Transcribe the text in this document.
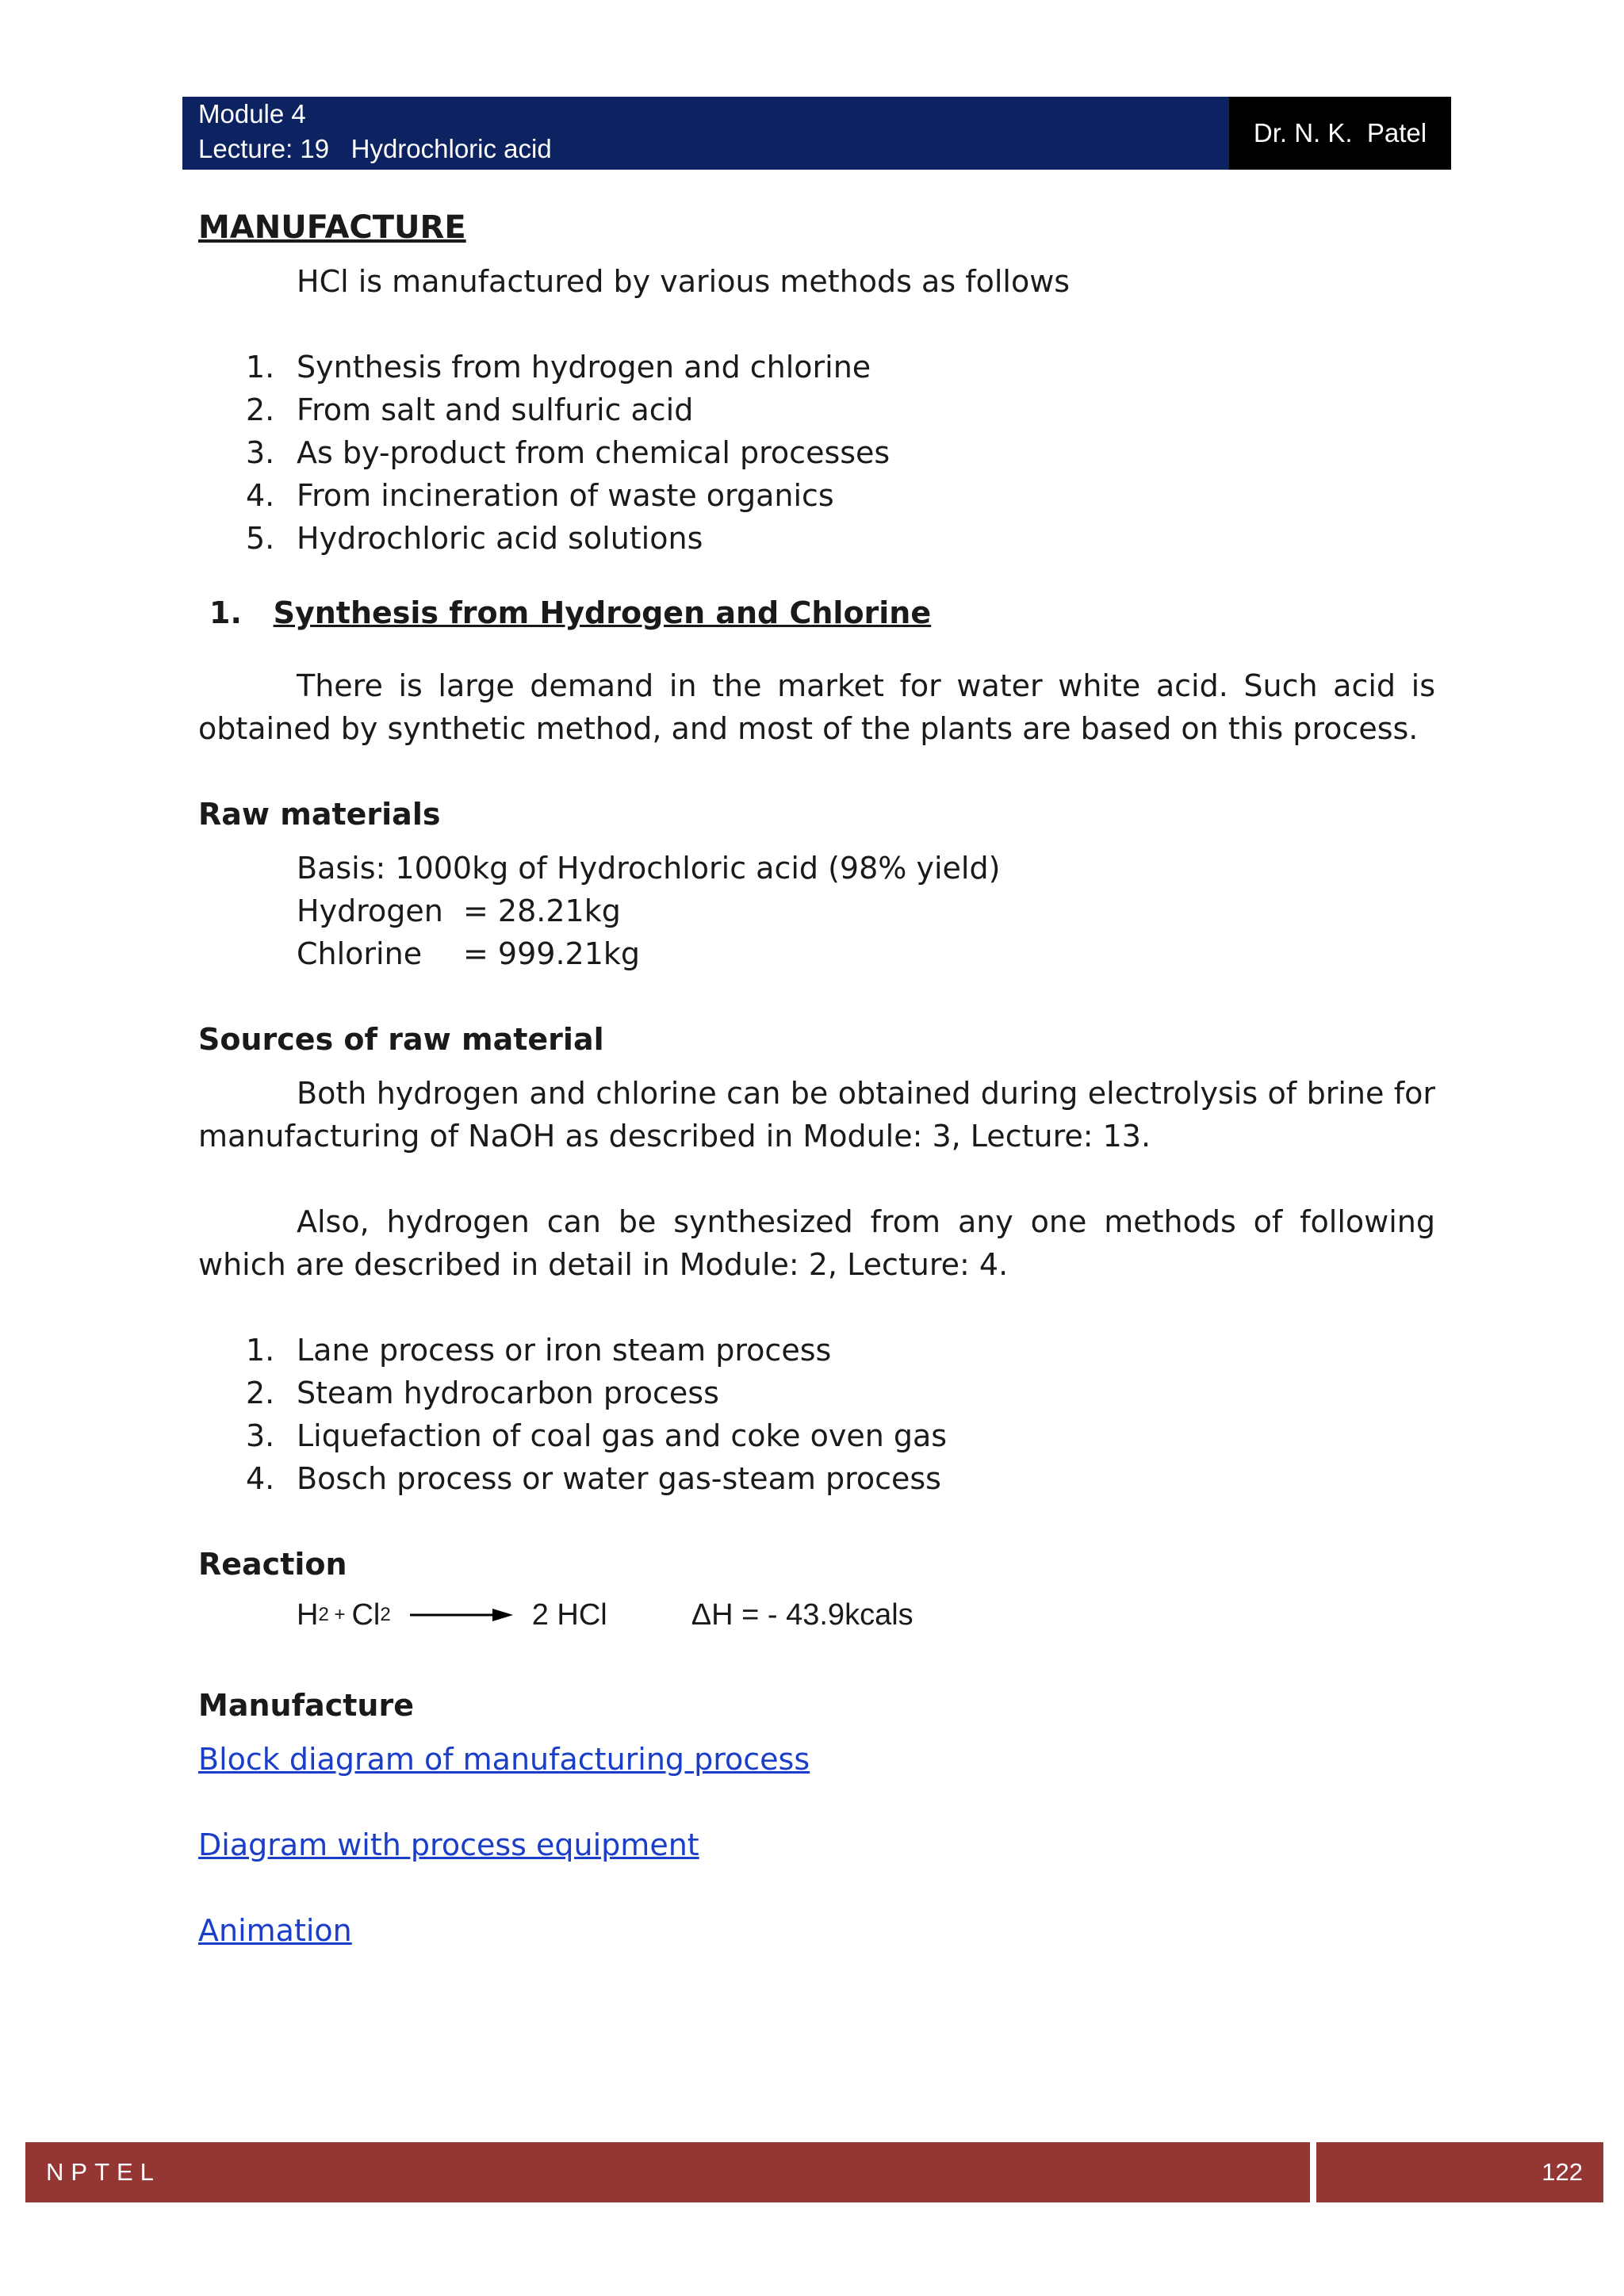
Module 4
Lecture: 19   Hydrochloric acid
Dr. N. K.  Patel
MANUFACTURE
HCl is manufactured by various methods as follows
1. Synthesis from hydrogen and chlorine
2. From salt and sulfuric acid
3. As by-product from chemical processes
4. From incineration of waste organics
5. Hydrochloric acid solutions
1. Synthesis from Hydrogen and Chlorine

There is large demand in the market for water white acid. Such acid is obtained by synthetic method, and most of the plants are based on this process.

Raw materials
Basis: 1000kg of Hydrochloric acid (98% yield)
Hydrogen = 28.21kg
Chlorine	= 999.21kg
Sources of raw material

Both hydrogen and chlorine can be obtained during electrolysis of brine for manufacturing of NaOH as described in Module: 3, Lecture: 13.

Also, hydrogen can be synthesized from any one methods of following which are described in detail in Module: 2, Lecture: 4.

1. Lane process or iron steam process
2. Steam hydrocarbon process
3. Liquefaction of coal gas and coke oven gas
4. Bosch process or water gas-steam process
Reaction
H 2 + Cl 2 → 2 HCl	ΔH = - 43.9kcals
Manufacture
Block diagram of manufacturing process
Diagram with process equipment
Animation
NPTEL	122
